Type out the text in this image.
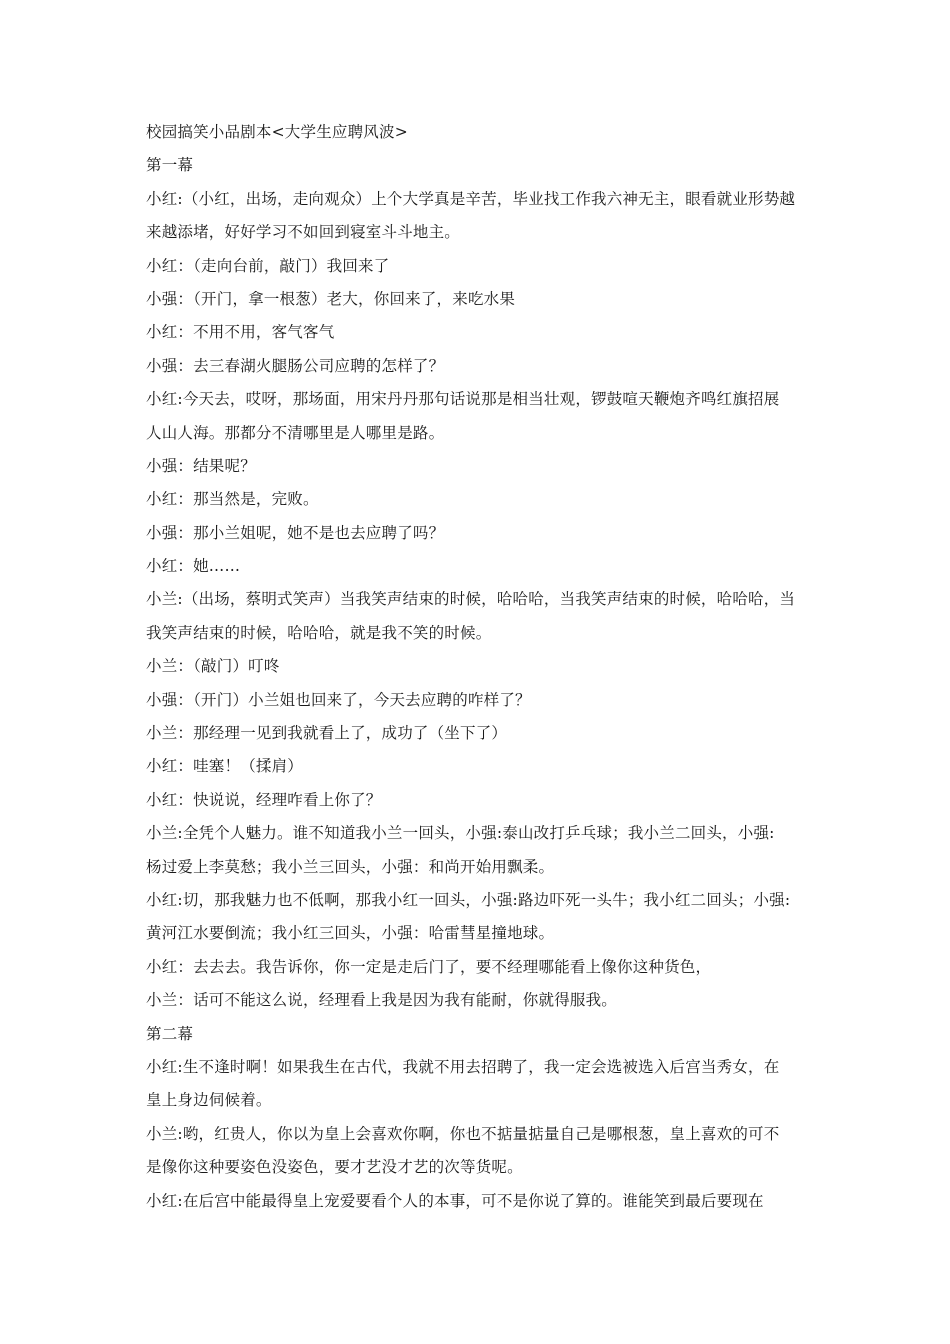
校园搞笑小品剧本<大学生应聘风波>
第一幕
小红:（小红，出场，走向观众）上个大学真是辛苦，毕业找工作我六神无主，眼看就业形势越
来越添堵，好好学习不如回到寝室斗斗地主。
小红：（走向台前，敲门）我回来了
小强：（开门，拿一根葱）老大，你回来了，来吃水果
小红：不用不用，客气客气
小强：去三春湖火腿肠公司应聘的怎样了？
小红:今天去，哎呀，那场面，用宋丹丹那句话说那是相当壮观，锣鼓喧天鞭炮齐鸣红旗招展
人山人海。那都分不清哪里是人哪里是路。
小强：结果呢？
小红：那当然是，完败。
小强：那小兰姐呢，她不是也去应聘了吗？
小红：她……
小兰:（出场，蔡明式笑声）当我笑声结束的时候，哈哈哈，当我笑声结束的时候，哈哈哈，当
我笑声结束的时候，哈哈哈，就是我不笑的时候。
小兰：（敲门）叮咚
小强：（开门）小兰姐也回来了，今天去应聘的咋样了？
小兰：那经理一见到我就看上了，成功了（坐下了）
小红：哇塞！（揉肩）
小红：快说说，经理咋看上你了？
小兰:全凭个人魅力。谁不知道我小兰一回头，小强:泰山改打乒乓球；我小兰二回头，小强:
杨过爱上李莫愁；我小兰三回头，小强：和尚开始用飘柔。
小红:切，那我魅力也不低啊，那我小红一回头，小强:路边吓死一头牛；我小红二回头；小强:
黄河江水要倒流；我小红三回头，小强：哈雷彗星撞地球。
小红：去去去。我告诉你，你一定是走后门了，要不经理哪能看上像你这种货色，
小兰：话可不能这么说，经理看上我是因为我有能耐，你就得服我。
第二幕
小红:生不逢时啊！如果我生在古代，我就不用去招聘了，我一定会选被选入后宫当秀女，在
皇上身边伺候着。
小兰:哟，红贵人，你以为皇上会喜欢你啊，你也不掂量掂量自己是哪根葱，皇上喜欢的可不
是像你这种要姿色没姿色，要才艺没才艺的次等货呢。
小红:在后宫中能最得皇上宠爱要看个人的本事，可不是你说了算的。谁能笑到最后要现在
